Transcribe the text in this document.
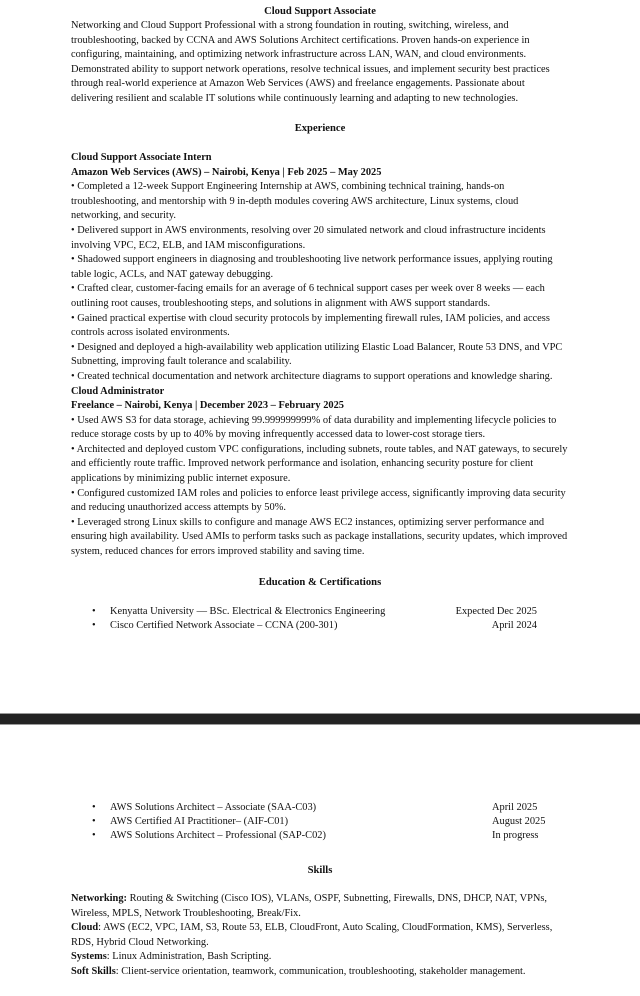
Cloud Support Associate

Networking and Cloud Support Professional with a strong foundation in routing, switching, wireless, and troubleshooting, backed by CCNA and AWS Solutions Architect certifications. Proven hands-on experience in configuring, maintaining, and optimizing network infrastructure across LAN, WAN, and cloud environments. Demonstrated ability to support network operations, resolve technical issues, and implement security best practices through real-world experience at Amazon Web Services (AWS) and freelance engagements. Passionate about delivering resilient and scalable IT solutions while continuously learning and adapting to new technologies.

Experience
Cloud Support Associate Intern
Amazon Web Services (AWS) – Nairobi, Kenya | Feb 2025 – May 2025

• Completed a 12-week Support Engineering Internship at AWS, combining technical training, hands-on troubleshooting, and mentorship with 9 in-depth modules covering AWS architecture, Linux systems, cloud networking, and security.

• Delivered support in AWS environments, resolving over 20 simulated network and cloud infrastructure incidents involving VPC, EC2, ELB, and IAM misconfigurations.

• Shadowed support engineers in diagnosing and troubleshooting live network performance issues, applying routing table logic, ACLs, and NAT gateway debugging.

• Crafted clear, customer-facing emails for an average of 6 technical support cases per week over 8 weeks — each outlining root causes, troubleshooting steps, and solutions in alignment with AWS support standards.

• Gained practical expertise with cloud security protocols by implementing firewall rules, IAM policies, and access controls across isolated environments.

• Designed and deployed a high-availability web application utilizing Elastic Load Balancer, Route 53 DNS, and VPC Subnetting, improving fault tolerance and scalability.

• Created technical documentation and network architecture diagrams to support operations and knowledge sharing.

Cloud Administrator
Freelance – Nairobi, Kenya | December 2023 – February 2025

• Used AWS S3 for data storage, achieving 99.999999999% of data durability and implementing lifecycle policies to reduce storage costs by up to 40% by moving infrequently accessed data to lower-cost storage tiers.

• Architected and deployed custom VPC configurations, including subnets, route tables, and NAT gateways, to securely and efficiently route traffic. Improved network performance and isolation, enhancing security posture for client applications by minimizing public internet exposure.

• Configured customized IAM roles and policies to enforce least privilege access, significantly improving data security and reducing unauthorized access attempts by 50%.

• Leveraged strong Linux skills to configure and manage AWS EC2 instances, optimizing server performance and ensuring high availability. Used AMIs to perform tasks such as package installations, security updates, which improved system, reduced chances for errors improved stability and saving time.

Education & Certifications
• Kenyatta University — BSc. Electrical & Electronics Engineering	Expected Dec 2025
• Cisco Certified Network Associate – CCNA (200-301)	April 2024
• AWS Solutions Architect – Associate (SAA-C03)	April 2025
• AWS Certified AI Practitioner– (AIF-C01)	August 2025
• AWS Solutions Architect – Professional (SAP-C02)	In progress
Skills

Networking: Routing & Switching (Cisco IOS), VLANs, OSPF, Subnetting, Firewalls, DNS, DHCP, NAT, VPNs, Wireless, MPLS, Network Troubleshooting, Break/Fix.

Cloud: AWS (EC2, VPC, IAM, S3, Route 53, ELB, CloudFront, Auto Scaling, CloudFormation, KMS), Serverless, RDS, Hybrid Cloud Networking.

Systems: Linux Administration, Bash Scripting.

Soft Skills: Client-service orientation, teamwork, communication, troubleshooting, stakeholder management.
